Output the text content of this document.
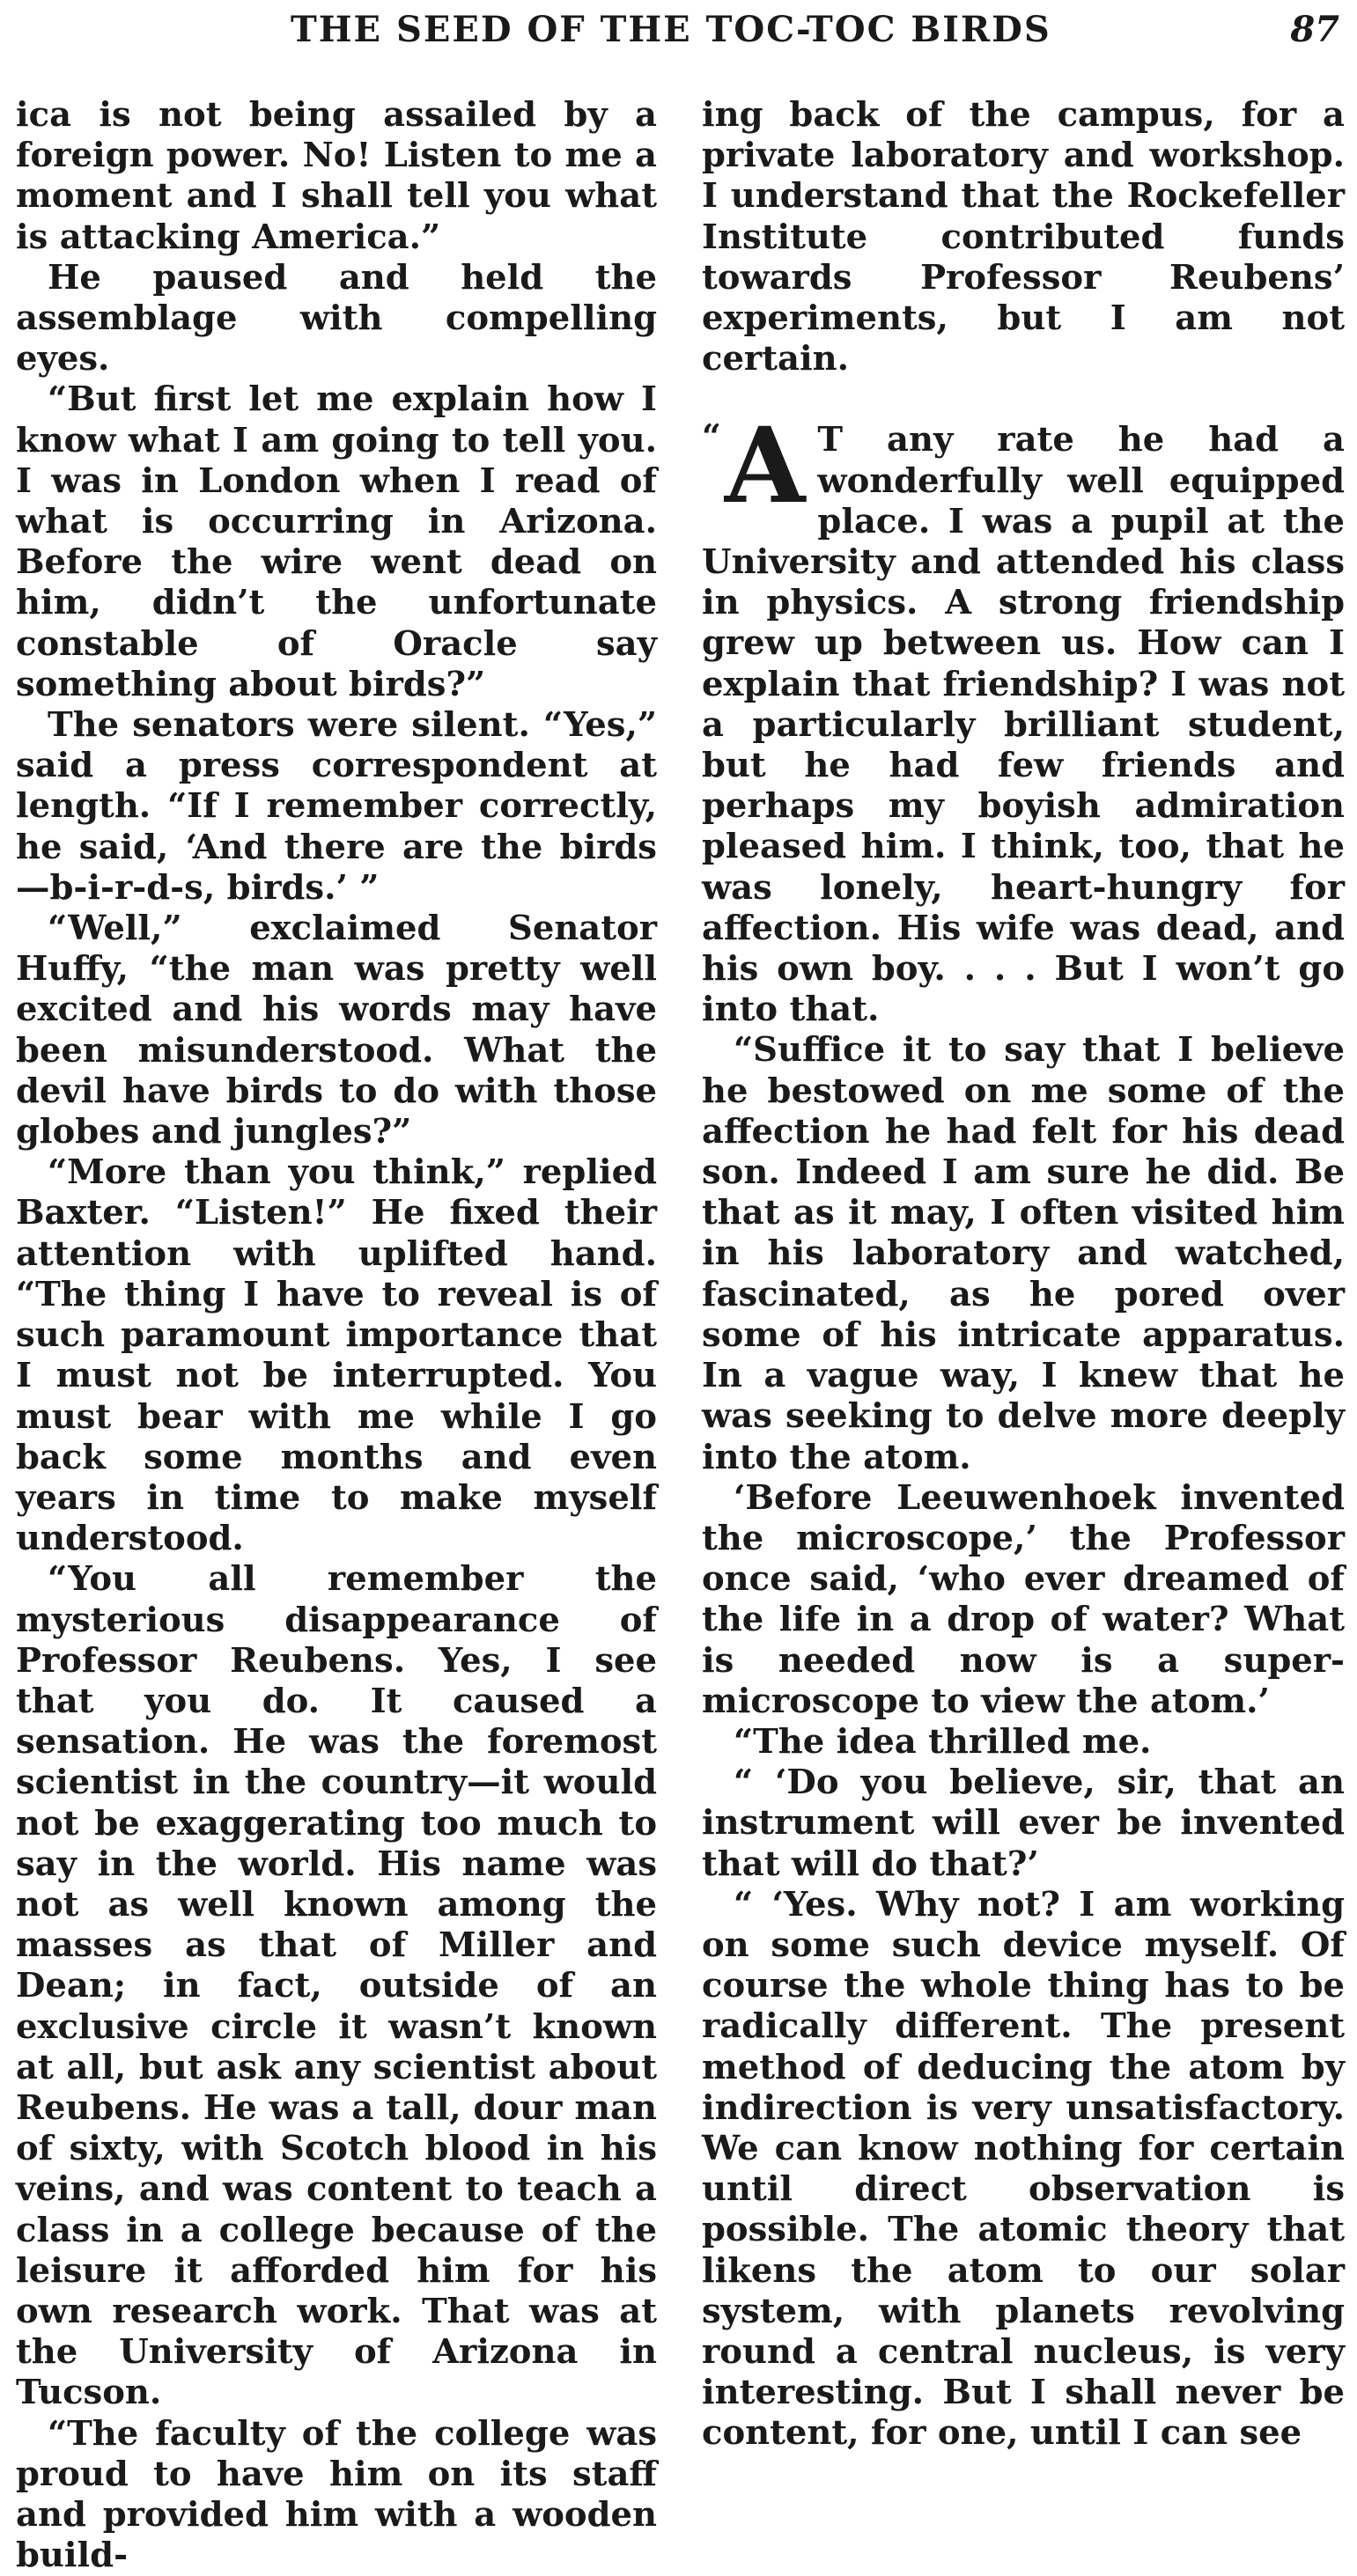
THE SEED OF THE TOC-TOC BIRDS	87

ica is not being assailed by a foreign power. No! Listen to me a moment and I shall tell you what is attacking America.”

He paused and held the assemblage with compelling eyes.

“But first let me explain how I know what I am going to tell you. I was in London when I read of what is occurring in Arizona. Before the wire went dead on him, didn’t the unfortunate constable of Oracle say something about birds?”

The senators were silent. “Yes,” said a press correspondent at length. “If I remember correctly, he said, ‘And there are the birds—b-i-r-d-s, birds.’ ”

“Well,” exclaimed Senator Huffy, “the man was pretty well excited and his words may have been misunderstood. What the devil have birds to do with those globes and jungles?”

“More than you think,” replied Baxter. “Listen!” He fixed their attention with uplifted hand. “The thing I have to reveal is of such paramount importance that I must not be interrupted. You must bear with me while I go back some months and even years in time to make myself understood.

“You all remember the mysterious disappearance of Professor Reubens. Yes, I see that you do. It caused a sensation. He was the foremost scientist in the country—it would not be exaggerating too much to say in the world. His name was not as well known among the masses as that of Miller and Dean; in fact, outside of an exclusive circle it wasn’t known at all, but ask any scientist about Reubens. He was a tall, dour man of sixty, with Scotch blood in his veins, and was content to teach a class in a college because of the leisure it afforded him for his own research work. That was at the University of Arizona in Tucson.

“The faculty of the college was proud to have him on its staff and provided him with a wooden build-

ing back of the campus, for a private laboratory and workshop. I understand that the Rockefeller Institute contributed funds towards Professor Reubens’ experiments, but I am not certain.

“ A T any rate he had a wonderfully well equipped place. I was a pupil at the University and attended his class in physics. A strong friendship grew up between us. How can I explain that friendship? I was not a particularly brilliant student, but he had few friends and perhaps my boyish admiration pleased him. I think, too, that he was lonely, heart-hungry for affection. His wife was dead, and his own boy. . . . But I won’t go into that.

“Suffice it to say that I believe he bestowed on me some of the affection he had felt for his dead son. Indeed I am sure he did. Be that as it may, I often visited him in his laboratory and watched, fascinated, as he pored over some of his intricate apparatus. In a vague way, I knew that he was seeking to delve more deeply into the atom.

‘Before Leeuwenhoek invented the microscope,’ the Professor once said, ‘who ever dreamed of the life in a drop of water? What is needed now is a super-microscope to view the atom.’

“The idea thrilled me.

“ ‘Do you believe, sir, that an instrument will ever be invented that will do that?’

“ ‘Yes. Why not? I am working on some such device myself. Of course the whole thing has to be radically different. The present method of deducing the atom by indirection is very unsatisfactory. We can know nothing for certain until direct observation is possible. The atomic theory that likens the atom to our solar system, with planets revolving round a central nucleus, is very interesting. But I shall never be content, for one, until I can see
